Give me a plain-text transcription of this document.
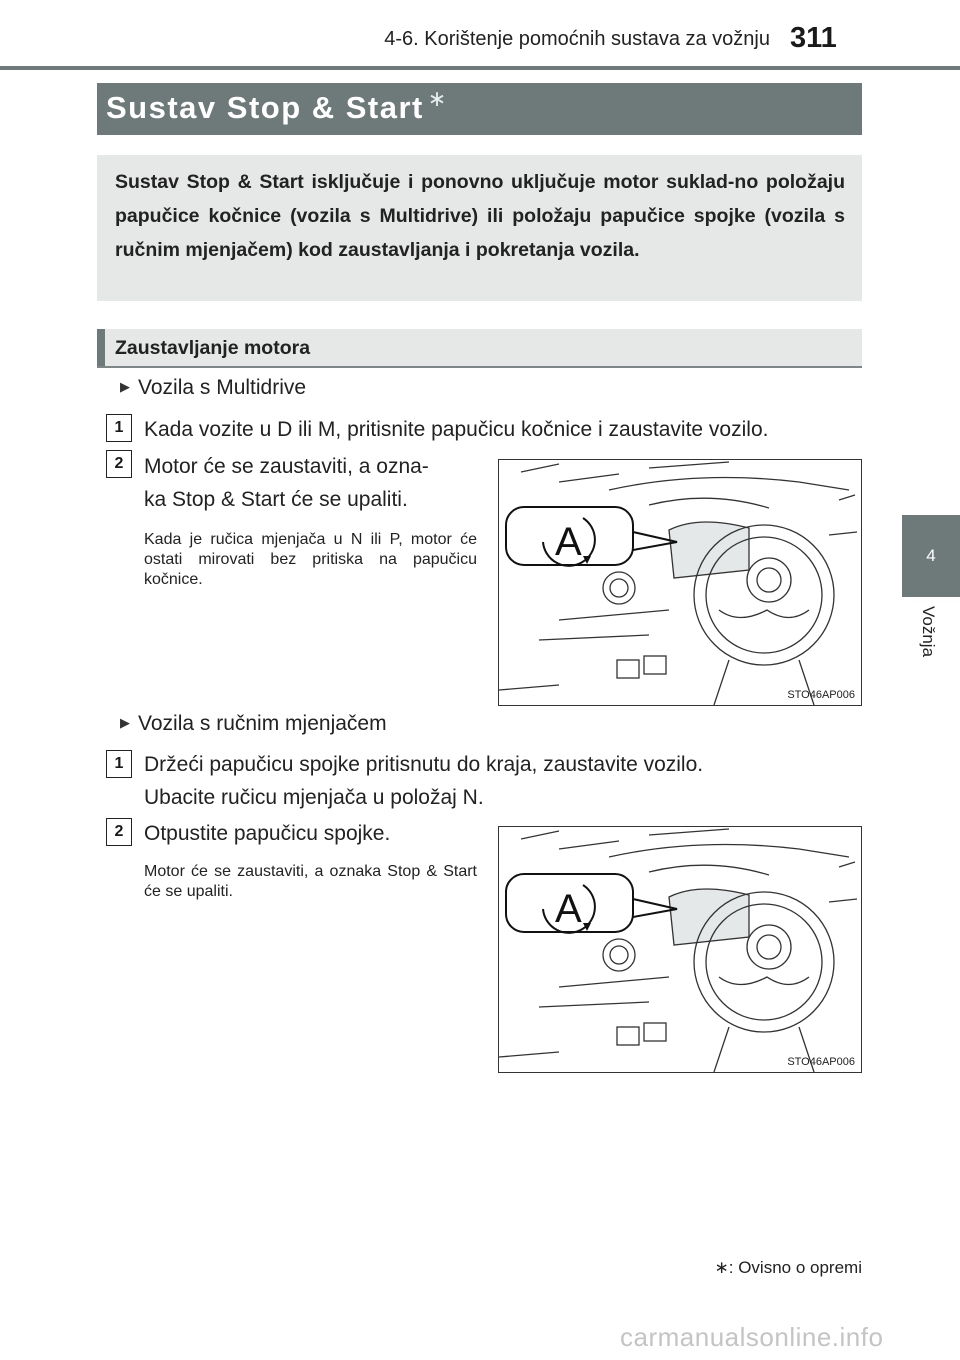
4-6. Korištenje pomoćnih sustava za vožnju 311
4
Vožnja
Sustav Stop & Start ∗
Sustav Stop & Start isključuje i ponovno uključuje motor suklad-no položaju papučice kočnice (vozila s Multidrive) ili položaju papučice spojke (vozila s ručnim mjenjačem) kod zaustavljanja i pokretanja vozila.
Zaustavljanje motora
▶ Vozila s Multidrive
1 Kada vozite u D ili M, pritisnite papučicu kočnice i zaustavite vozilo.
2 Motor će se zaustaviti, a ozna-
ka Stop & Start će se upaliti.
Kada je ručica mjenjača u N ili P, motor će ostati mirovati bez pritiska na papučicu kočnice.
A
STO46AP006
▶ Vozila s ručnim mjenjačem
1 Držeći papučicu spojke pritisnutu do kraja, zaustavite vozilo.
Ubacite ručicu mjenjača u položaj N.
2 Otpustite papučicu spojke.
Motor će se zaustaviti, a oznaka Stop & Start će se upaliti.	A
STO46AP006
∗: Ovisno o opremi
carmanualsonline.info
